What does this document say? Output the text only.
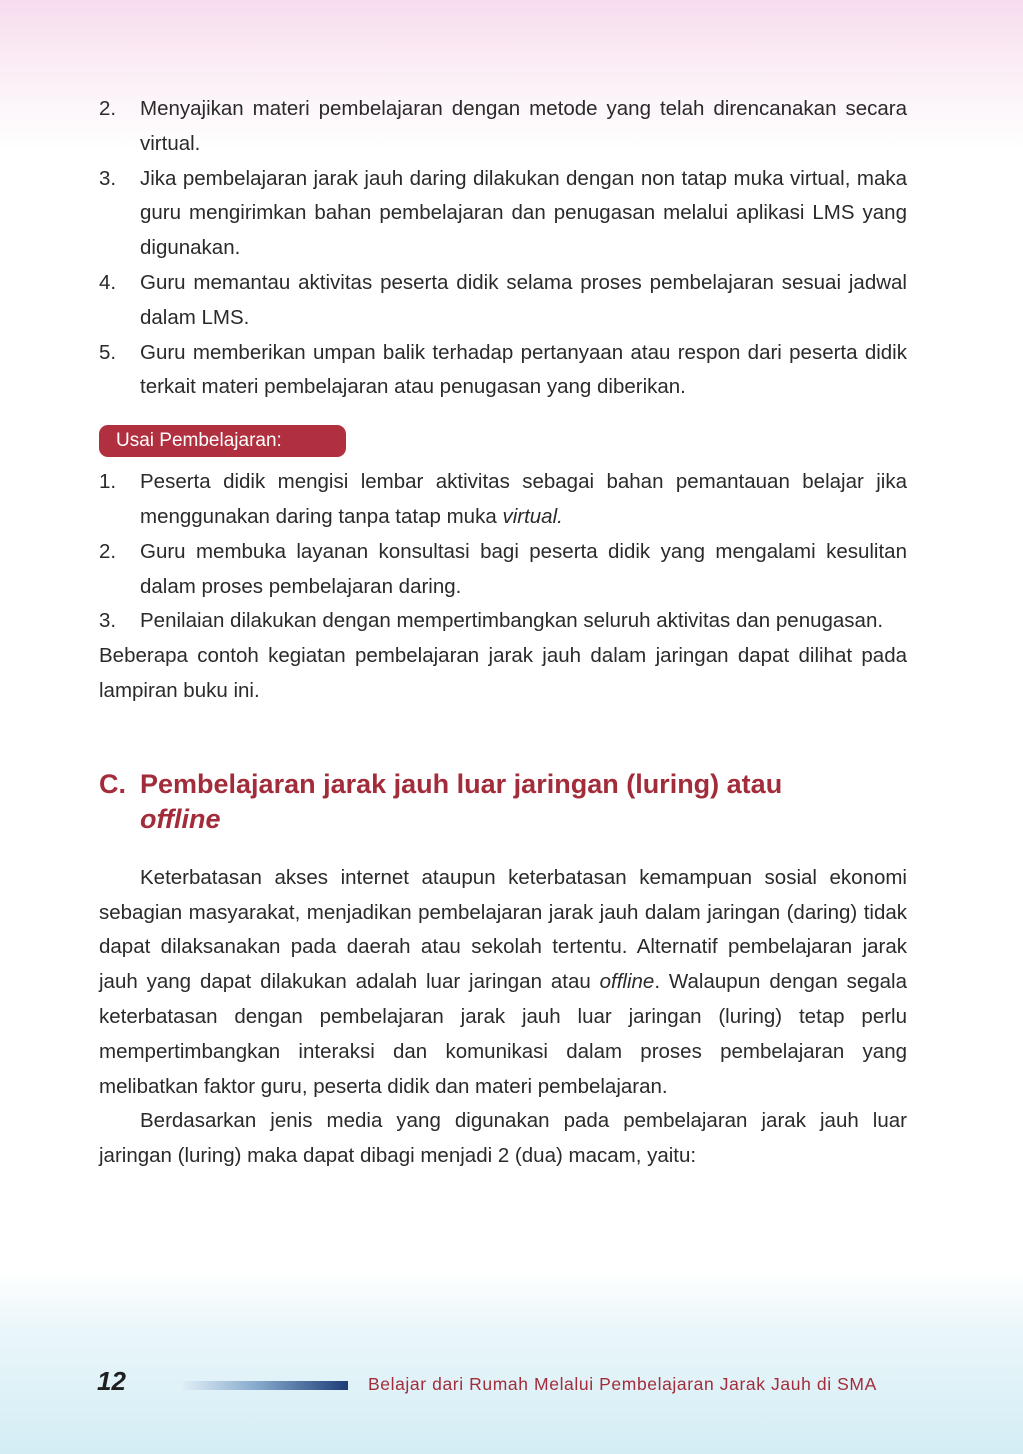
2. Menyajikan materi pembelajaran dengan metode yang telah direncanakan secara virtual.
3. Jika pembelajaran jarak jauh daring dilakukan dengan non tatap muka virtual, maka guru mengirimkan bahan pembelajaran dan penugasan melalui aplikasi LMS yang digunakan.
4. Guru memantau aktivitas peserta didik selama proses pembelajaran sesuai jadwal dalam LMS.
5. Guru memberikan umpan balik terhadap pertanyaan atau respon dari peserta didik terkait materi pembelajaran atau penugasan yang diberikan.
Usai Pembelajaran:
1. Peserta didik mengisi lembar aktivitas sebagai bahan pemantauan belajar jika menggunakan daring tanpa tatap muka virtual.
2. Guru membuka layanan konsultasi bagi peserta didik yang mengalami kesulitan dalam proses pembelajaran daring.
3. Penilaian dilakukan dengan mempertimbangkan seluruh aktivitas dan penugasan.

Beberapa contoh kegiatan pembelajaran jarak jauh dalam jaringan dapat dilihat pada lampiran buku ini.

C. Pembelajaran jarak jauh luar jaringan (luring) atau
offline

Keterbatasan akses internet ataupun keterbatasan kemampuan sosial ekonomi sebagian masyarakat, menjadikan pembelajaran jarak jauh dalam jaringan (daring) tidak dapat dilaksanakan pada daerah atau sekolah tertentu. Alternatif pembelajaran jarak jauh yang dapat dilakukan adalah luar jaringan atau offline. Walaupun dengan segala keterbatasan dengan pembelajaran jarak jauh luar jaringan (luring) tetap perlu mempertimbangkan interaksi dan komunikasi dalam proses pembelajaran yang melibatkan faktor guru, peserta didik dan materi pembelajaran.

Berdasarkan jenis media yang digunakan pada pembelajaran jarak jauh luar jaringan (luring) maka dapat dibagi menjadi 2 (dua) macam, yaitu:

12	Belajar dari Rumah Melalui Pembelajaran Jarak Jauh di SMA
